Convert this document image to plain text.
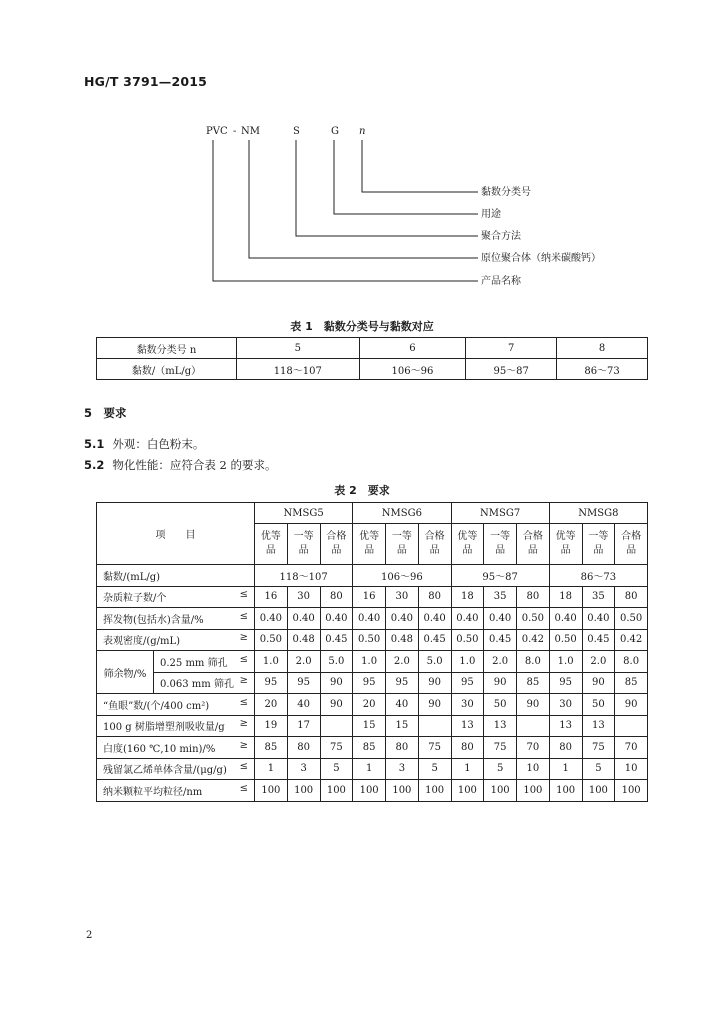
HG/T 3791—2015
PVC - NM	S	G n
黏数分类号
用途
聚合方法
原位聚合体（纳米碳酸钙）
产品名称
表 1　黏数分类号与黏数对应
黏数分类号 n	5	6	7	8
黏数/（mL/g）	118～107	106～96	95～87	86～73
5　要求
5.1 外观：白色粉末。
5.2 物化性能：应符合表 2 的要求。
表 2　要求
项　　目		NMSG5			NMSG6			NMSG7			NMSG8		

		优等
品	一等
品	合格
品	优等
品	一等
品	合格
品	优等
品	一等
品	合格
品	优等
品	一等
品	合格
品

黏数/(mL/g)		118～107			106～96			95～87			86～73		
杂质粒子数/个 ≤		16	30	80	16	30	80	18	35	80	18	35	80
挥发物(包括水)含量/% ≤		0.40	0.40	0.40	0.40	0.40	0.40	0.40	0.40	0.50	0.40	0.40	0.50
表观密度/(g/mL) ≥		0.50	0.48	0.45	0.50	0.48	0.45	0.50	0.45	0.42	0.50	0.45	0.42
筛余物/%	0.25 mm 筛孔 ≤	1.0	2.0	5.0	1.0	2.0	5.0	1.0	2.0	8.0	1.0	2.0	8.0
	0.063 mm 筛孔 ≥	95	95	90	95	95	90	95	90	85	95	90	85
“鱼眼”数/(个/400 cm²) ≤		20	40	90	20	40	90	30	50	90	30	50	90
100 g 树脂增塑剂吸收量/g ≥		19	17		15	15		13	13		13	13	
白度(160 ℃,10 min)/% ≥		85	80	75	85	80	75	80	75	70	80	75	70
残留氯乙烯单体含量/(μg/g) ≤		1	3	5	1	3	5	1	5	10	1	5	10
纳米颗粒平均粒径/nm ≤		100	100	100	100	100	100	100	100	100	100	100	100
2
